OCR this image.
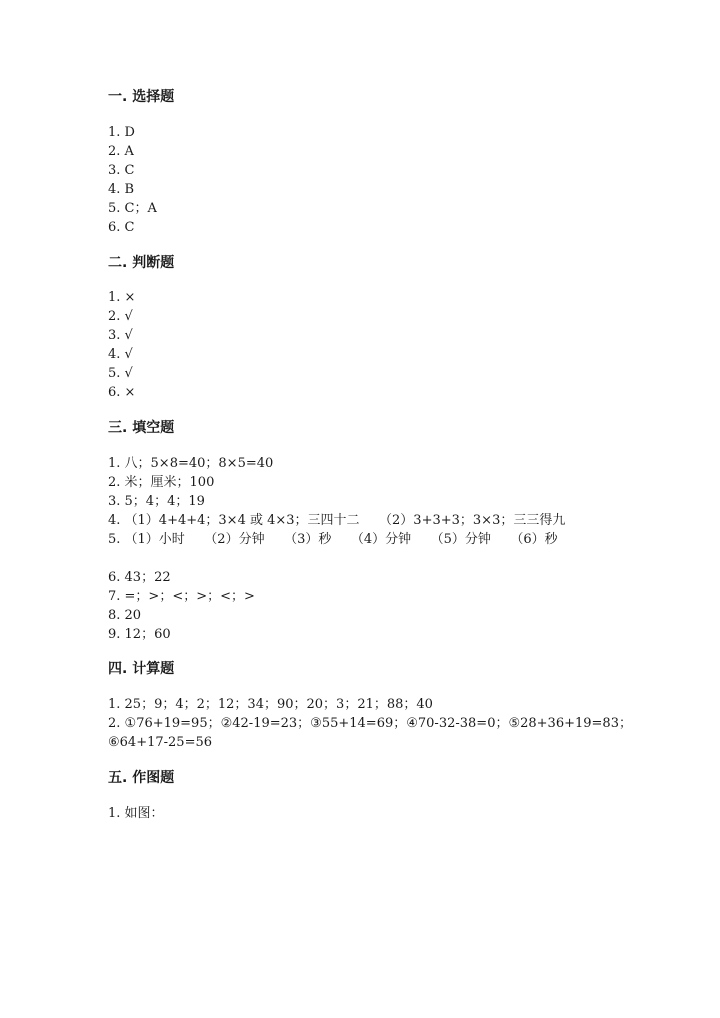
一. 选择题
1. D
2. A
3. C
4. B
5. C；A
6. C
二. 判断题
1. ×
2. √
3. √
4. √
5. √
6. ×
三. 填空题
1. 八；5×8=40；8×5=40
2. 米；厘米；100
3. 5；4；4；19
4. （1）4+4+4；3×4 或 4×3；三四十二　　（2）3+3+3；3×3；三三得九
5. （1）小时　　（2）分钟　　（3）秒　　（4）分钟　　（5）分钟　　（6）秒
6. 43；22
7. =；>；<；>；<；>
8. 20
9. 12；60
四. 计算题
1. 25；9；4；2；12；34；90；20；3；21；88；40
2. ①76+19=95；②42-19=23；③55+14=69；④70-32-38=0；⑤28+36+19=83；
⑥64+17-25=56
五. 作图题
1. 如图：
